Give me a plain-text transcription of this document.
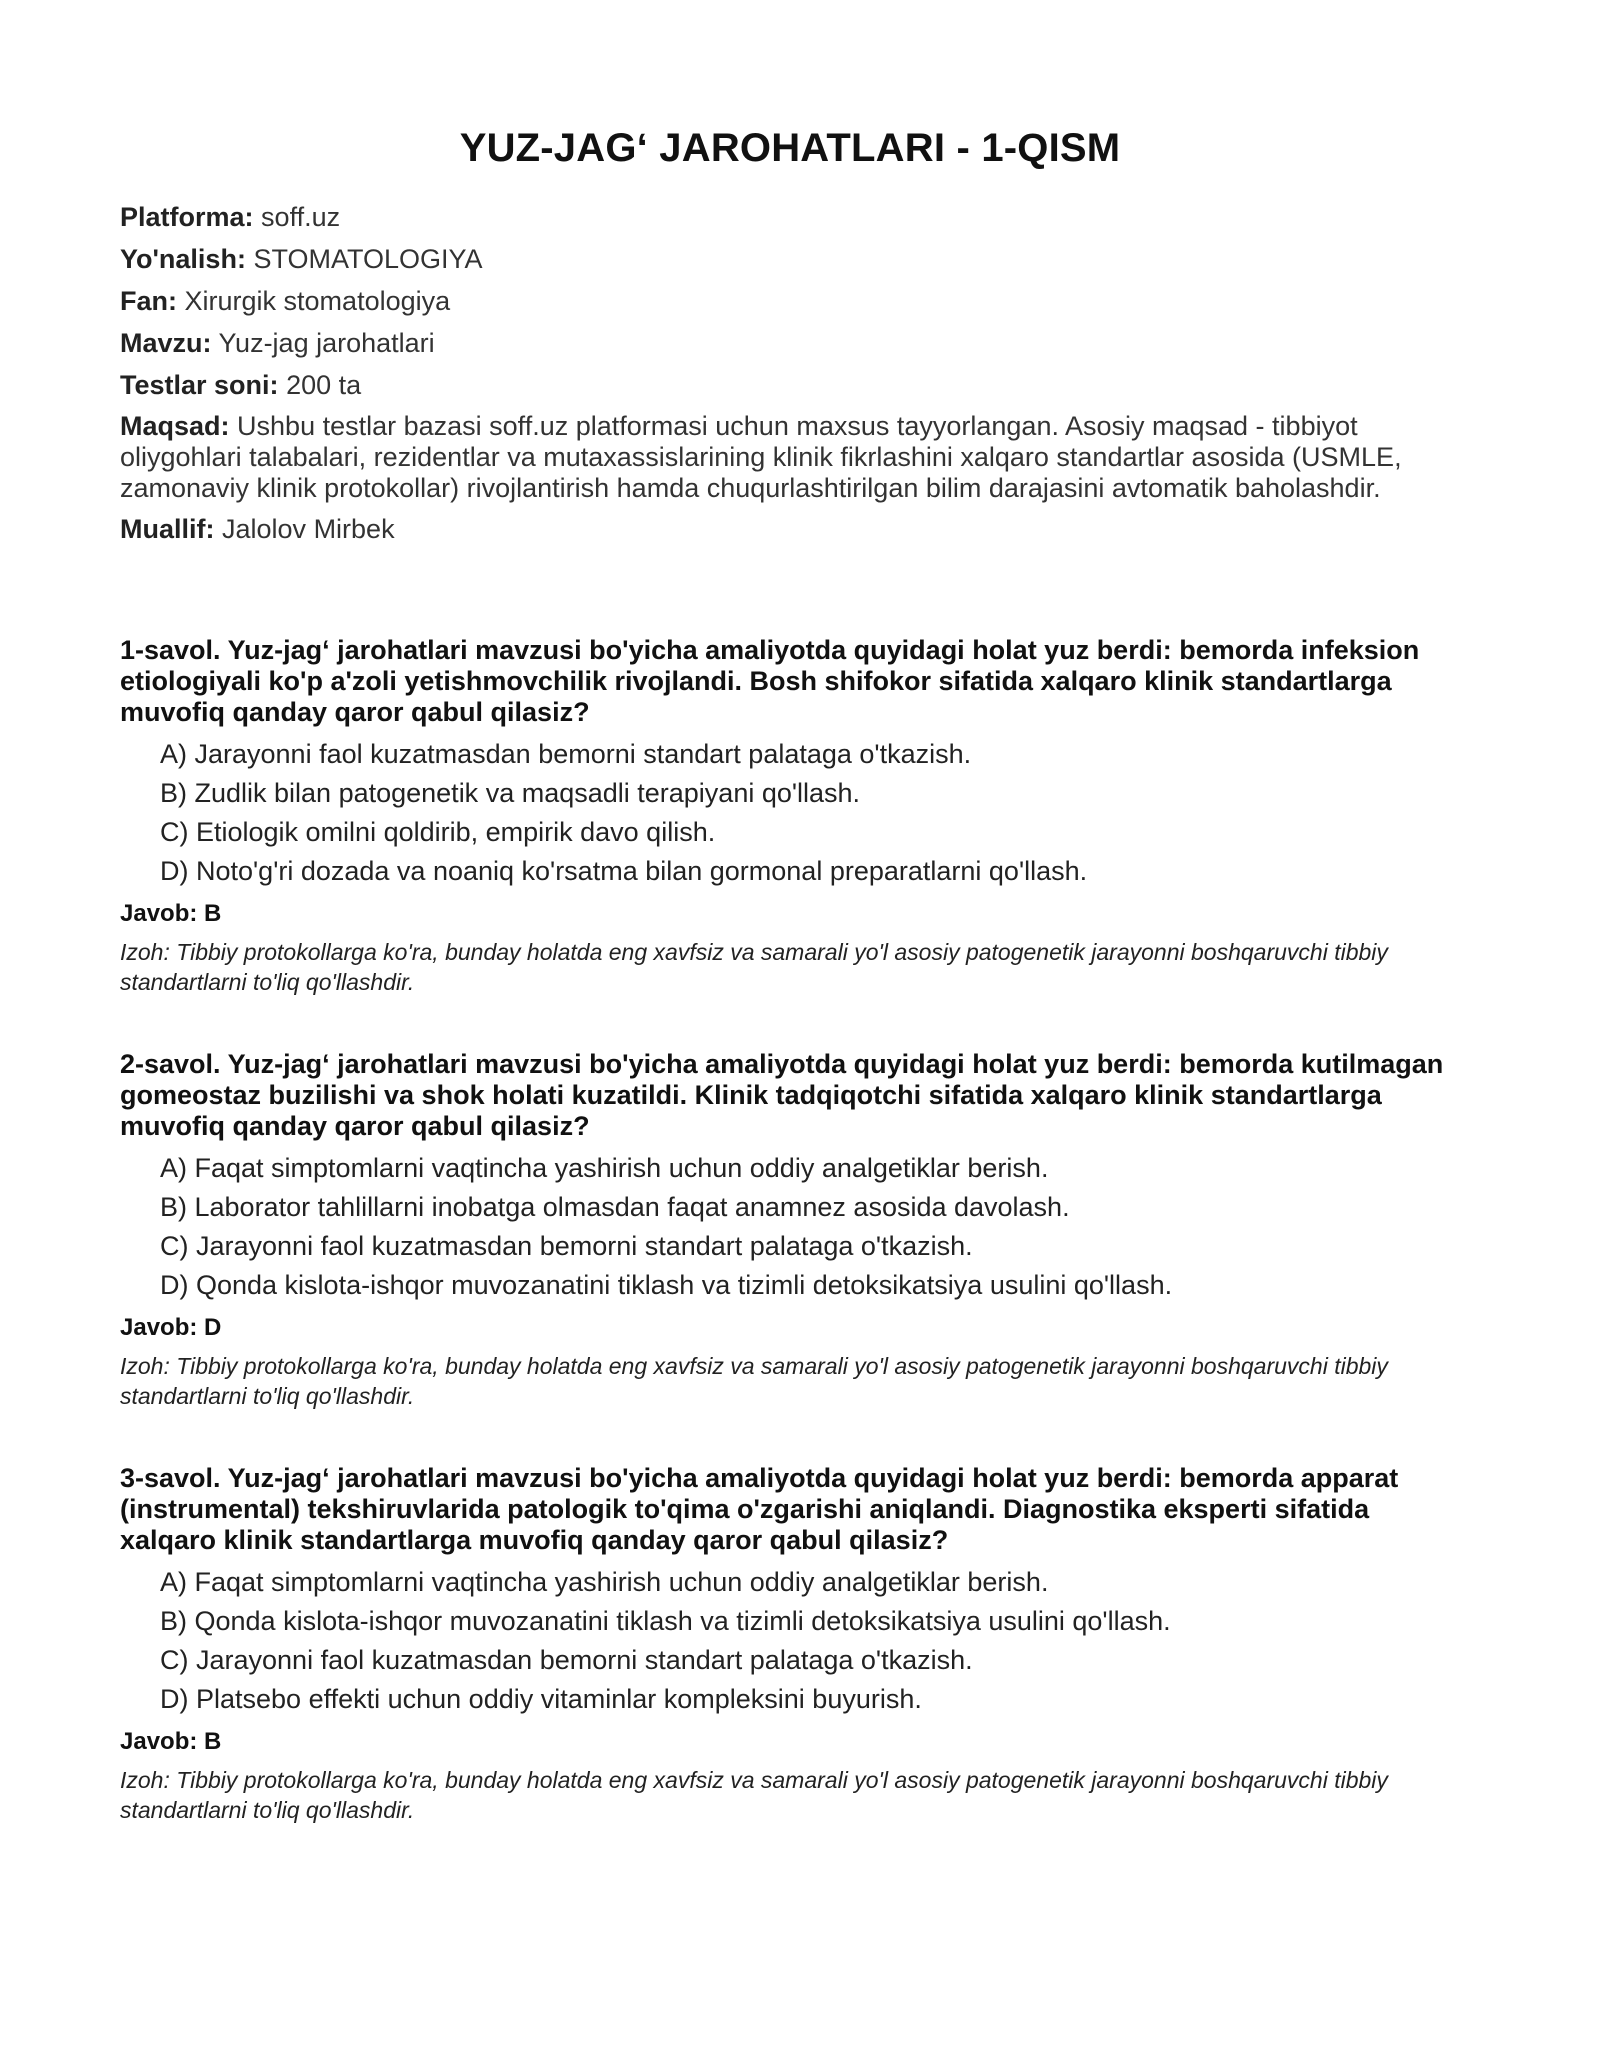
YUZ-JAG‘ JAROHATLARI - 1-QISM

Platforma: soff.uz

Yo'nalish: STOMATOLOGIYA

Fan: Xirurgik stomatologiya

Mavzu: Yuz-jag jarohatlari

Testlar soni: 200 ta

Maqsad: Ushbu testlar bazasi soff.uz platformasi uchun maxsus tayyorlangan. Asosiy maqsad - tibbiyot oliygohlari talabalari, rezidentlar va mutaxassislarining klinik fikrlashini xalqaro standartlar asosida (USMLE, zamonaviy klinik protokollar) rivojlantirish hamda chuqurlashtirilgan bilim darajasini avtomatik baholashdir.

Muallif: Jalolov Mirbek

1-savol. Yuz-jag‘ jarohatlari mavzusi bo'yicha amaliyotda quyidagi holat yuz berdi: bemorda infeksion etiologiyali ko'p a'zoli yetishmovchilik rivojlandi. Bosh shifokor sifatida xalqaro klinik standartlarga muvofiq qanday qaror qabul qilasiz?

A) Jarayonni faol kuzatmasdan bemorni standart palataga o'tkazish.
B) Zudlik bilan patogenetik va maqsadli terapiyani qo'llash.
C) Etiologik omilni qoldirib, empirik davo qilish.
D) Noto'g'ri dozada va noaniq ko'rsatma bilan gormonal preparatlarni qo'llash.

Javob: B

Izoh: Tibbiy protokollarga ko'ra, bunday holatda eng xavfsiz va samarali yo'l asosiy patogenetik jarayonni boshqaruvchi tibbiy standartlarni to'liq qo'llashdir.

2-savol. Yuz-jag‘ jarohatlari mavzusi bo'yicha amaliyotda quyidagi holat yuz berdi: bemorda kutilmagan gomeostaz buzilishi va shok holati kuzatildi. Klinik tadqiqotchi sifatida xalqaro klinik standartlarga muvofiq qanday qaror qabul qilasiz?

A) Faqat simptomlarni vaqtincha yashirish uchun oddiy analgetiklar berish.
B) Laborator tahlillarni inobatga olmasdan faqat anamnez asosida davolash.
C) Jarayonni faol kuzatmasdan bemorni standart palataga o'tkazish.
D) Qonda kislota-ishqor muvozanatini tiklash va tizimli detoksikatsiya usulini qo'llash.

Javob: D

Izoh: Tibbiy protokollarga ko'ra, bunday holatda eng xavfsiz va samarali yo'l asosiy patogenetik jarayonni boshqaruvchi tibbiy standartlarni to'liq qo'llashdir.

3-savol. Yuz-jag‘ jarohatlari mavzusi bo'yicha amaliyotda quyidagi holat yuz berdi: bemorda apparat (instrumental) tekshiruvlarida patologik to'qima o'zgarishi aniqlandi. Diagnostika eksperti sifatida xalqaro klinik standartlarga muvofiq qanday qaror qabul qilasiz?

A) Faqat simptomlarni vaqtincha yashirish uchun oddiy analgetiklar berish.
B) Qonda kislota-ishqor muvozanatini tiklash va tizimli detoksikatsiya usulini qo'llash.
C) Jarayonni faol kuzatmasdan bemorni standart palataga o'tkazish.
D) Platsebo effekti uchun oddiy vitaminlar kompleksini buyurish.

Javob: B

Izoh: Tibbiy protokollarga ko'ra, bunday holatda eng xavfsiz va samarali yo'l asosiy patogenetik jarayonni boshqaruvchi tibbiy standartlarni to'liq qo'llashdir.
